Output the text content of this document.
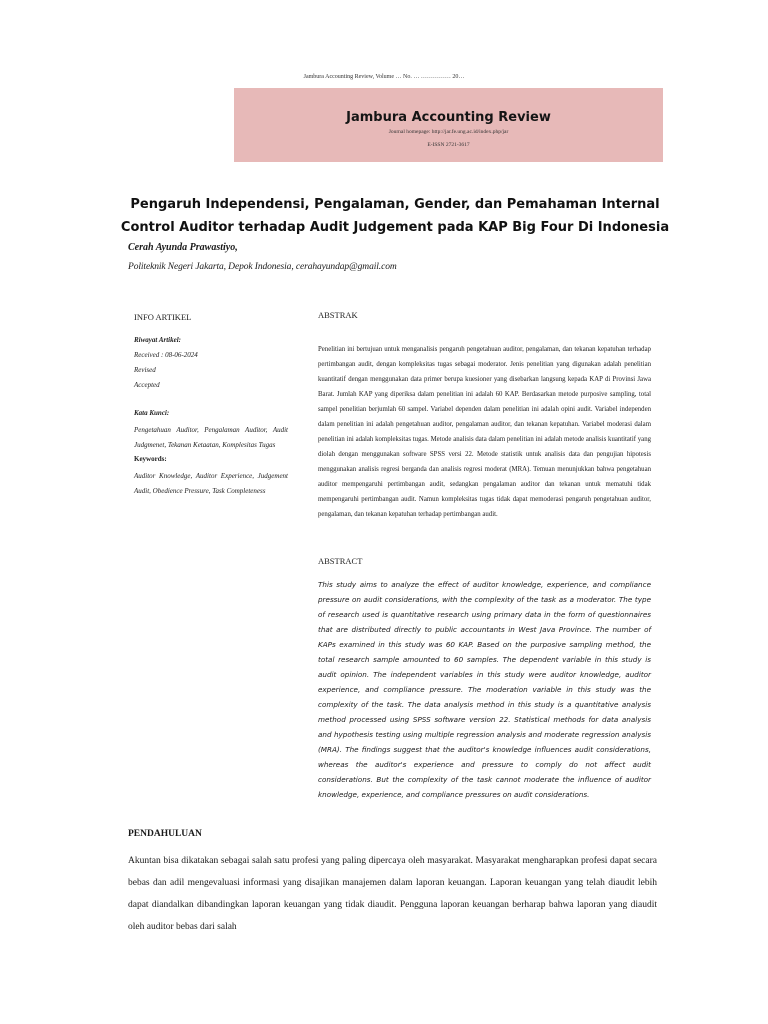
Jambura Accounting Review, Volume … No. … …………… 20…
Jambura Accounting Review
Journal homepage: http://jar.fe.ung.ac.id/index.php/jar
E-ISSN 2721-3617
Pengaruh Independensi, Pengalaman, Gender, dan Pemahaman Internal
Control Auditor terhadap Audit Judgement pada KAP Big Four Di Indonesia
Cerah Ayunda Prawastiyo,
Politeknik Negeri Jakarta, Depok Indonesia, cerahayundap@gmail.com
INFO ARTIKEL
Riwayat Artikel:
Received : 08-06-2024
Revised
Accepted
Kata Kunci:
Pengetahuan Auditor, Pengalaman Auditor, Audit Judgmenet, Tekanan Ketaatan, Komplesitas Tugas
Keywords:
Auditor Knowledge, Auditor Experience, Judgement Audit, Obedience Pressure, Task Completeness
ABSTRAK
Penelitian ini bertujuan untuk menganalisis pengaruh pengetahuan auditor, pengalaman, dan tekanan kepatuhan terhadap pertimbangan audit, dengan kompleksitas tugas sebagai moderator. Jenis penelitian yang digunakan adalah penelitian kuantitatif dengan menggunakan data primer berupa kuesioner yang disebarkan langsung kepada KAP di Provinsi Jawa Barat. Jumlah KAP yang diperiksa dalam penelitian ini adalah 60 KAP. Berdasarkan metode purposive sampling, total sampel penelitian berjumlah 60 sampel. Variabel dependen dalam penelitian ini adalah opini audit. Variabel independen dalam penelitian ini adalah pengetahuan auditor, pengalaman auditor, dan tekanan kepatuhan. Variabel moderasi dalam penelitian ini adalah kompleksitas tugas. Metode analisis data dalam penelitian ini adalah metode analisis kuantitatif yang diolah dengan menggunakan software SPSS versi 22. Metode statistik untuk analisis data dan pengujian hipotesis menggunakan analisis regresi berganda dan analisis regresi moderat (MRA). Temuan menunjukkan bahwa pengetahuan auditor mempengaruhi pertimbangan audit, sedangkan pengalaman auditor dan tekanan untuk mematuhi tidak mempengaruhi pertimbangan audit. Namun kompleksitas tugas tidak dapat memoderasi pengaruh pengetahuan auditor, pengalaman, dan tekanan kepatuhan terhadap pertimbangan audit.
ABSTRACT
This study aims to analyze the effect of auditor knowledge, experience, and compliance pressure on audit considerations, with the complexity of the task as a moderator. The type of research used is quantitative research using primary data in the form of questionnaires that are distributed directly to public accountants in West Java Province. The number of KAPs examined in this study was 60 KAP. Based on the purposive sampling method, the total research sample amounted to 60 samples. The dependent variable in this study is audit opinion. The independent variables in this study were auditor knowledge, auditor experience, and compliance pressure. The moderation variable in this study was the complexity of the task. The data analysis method in this study is a quantitative analysis method processed using SPSS software version 22. Statistical methods for data analysis and hypothesis testing using multiple regression analysis and moderate regression analysis (MRA). The findings suggest that the auditor's knowledge influences audit considerations, whereas the auditor's experience and pressure to comply do not affect audit considerations. But the complexity of the task cannot moderate the influence of auditor knowledge, experience, and compliance pressures on audit considerations.
PENDAHULUAN
Akuntan bisa dikatakan sebagai salah satu profesi yang paling dipercaya oleh masyarakat. Masyarakat mengharapkan profesi dapat secara bebas dan adil mengevaluasi informasi yang disajikan manajemen dalam laporan keuangan. Laporan keuangan yang telah diaudit lebih dapat diandalkan dibandingkan laporan keuangan yang tidak diaudit. Pengguna laporan keuangan berharap bahwa laporan yang diaudit oleh auditor bebas dari salah
